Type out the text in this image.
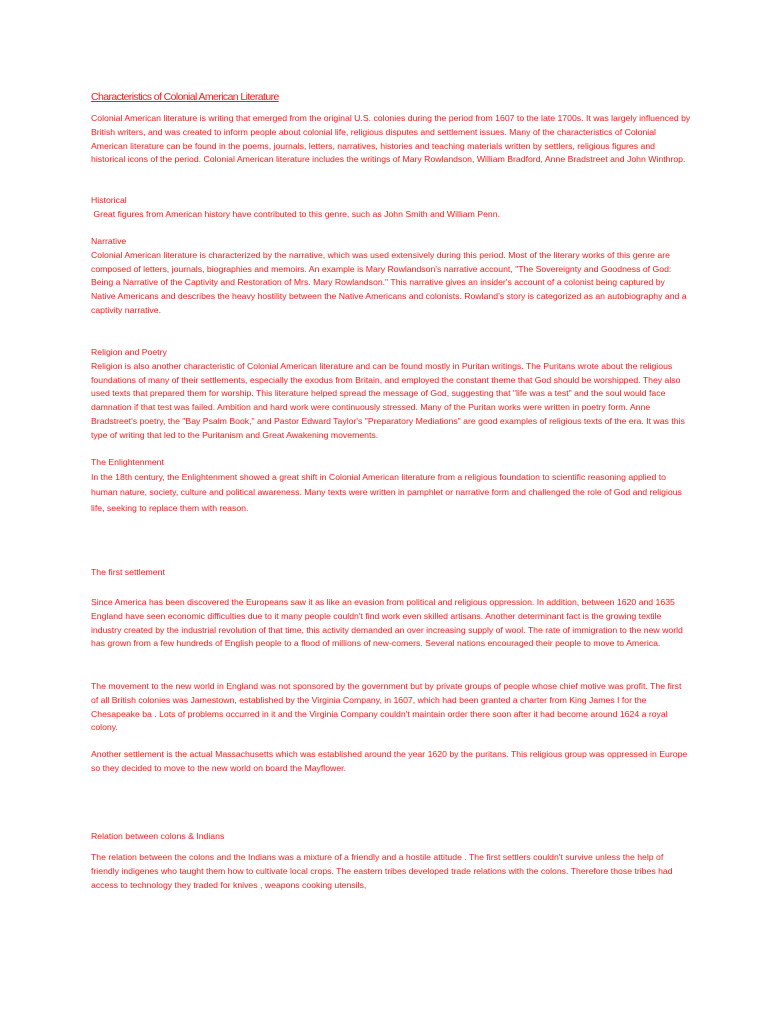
Characteristics of Colonial American Literature

Colonial American literature is writing that emerged from the original U.S. colonies during the period from 1607 to the late 1700s. It was largely influenced by British writers, and was created to inform people about colonial life, religious disputes and settlement issues. Many of the characteristics of Colonial American literature can be found in the poems, journals, letters, narratives, histories and teaching materials written by settlers, religious figures and historical icons of the period. Colonial American literature includes the writings of Mary Rowlandson, William Bradford, Anne Bradstreet and John Winthrop.

Historical

Great figures from American history have contributed to this genre, such as John Smith and William Penn.

Narrative

Colonial American literature is characterized by the narrative, which was used extensively during this period. Most of the literary works of this genre are composed of letters, journals, biographies and memoirs. An example is Mary Rowlandson's narrative account, "The Sovereignty and Goodness of God: Being a Narrative of the Captivity and Restoration of Mrs. Mary Rowlandson." This narrative gives an insider's account of a colonist being captured by Native Americans and describes the heavy hostility between the Native Americans and colonists. Rowland's story is categorized as an autobiography and a captivity narrative.

Religion and Poetry

Religion is also another characteristic of Colonial American literature and can be found mostly in Puritan writings. The Puritans wrote about the religious foundations of many of their settlements, especially the exodus from Britain, and employed the constant theme that God should be worshipped. They also used texts that prepared them for worship. This literature helped spread the message of God, suggesting that "life was a test" and the soul would face damnation if that test was failed. Ambition and hard work were continuously stressed. Many of the Puritan works were written in poetry form. Anne Bradstreet's poetry, the "Bay Psalm Book," and Pastor Edward Taylor's "Preparatory Mediations" are good examples of religious texts of the era. It was this type of writing that led to the Puritanism and Great Awakening movements.

The Enlightenment

In the 18th century, the Enlightenment showed a great shift in Colonial American literature from a religious foundation to scientific reasoning applied to human nature, society, culture and political awareness. Many texts were written in pamphlet or narrative form and challenged the role of God and religious life, seeking to replace them with reason.

The first settlement

Since America has been discovered the Europeans saw it as like an evasion from political and religious oppression. In addition, between 1620 and 1635 England have seen economic difficulties due to it many people couldn't find work even skilled artisans. Another determinant fact is the growing textile industry created by the industrial revolution of that time, this activity demanded an over increasing supply of wool. The rate of immigration to the new world has grown from a few hundreds of English people to a flood of millions of new-comers. Several nations encouraged their people to move to America.

The movement to the new world in England was not sponsored by the government but by private groups of people whose chief motive was profit. The first of all British colonies was Jamestown, established by the Virginia Company, in 1607, which had been granted a charter from King James I for the Chesapeake ba . Lots of problems occurred in it and the Virginia Company couldn't maintain order there soon after it had become around 1624 a royal colony.

Another settlement is the actual Massachusetts which was established around the year 1620 by the puritans. This religious group was oppressed in Europe so they decided to move to the new world on board the Mayflower.

Relation between colons & Indians

The relation between the colons and the Indians was a mixture of a friendly and a hostile attitude . The first settlers couldn't survive unless the help of friendly indigenes who taught them how to cultivate local crops. The eastern tribes developed trade relations with the colons. Therefore those tribes had access to technology they traded for knives , weapons cooking utensils,
